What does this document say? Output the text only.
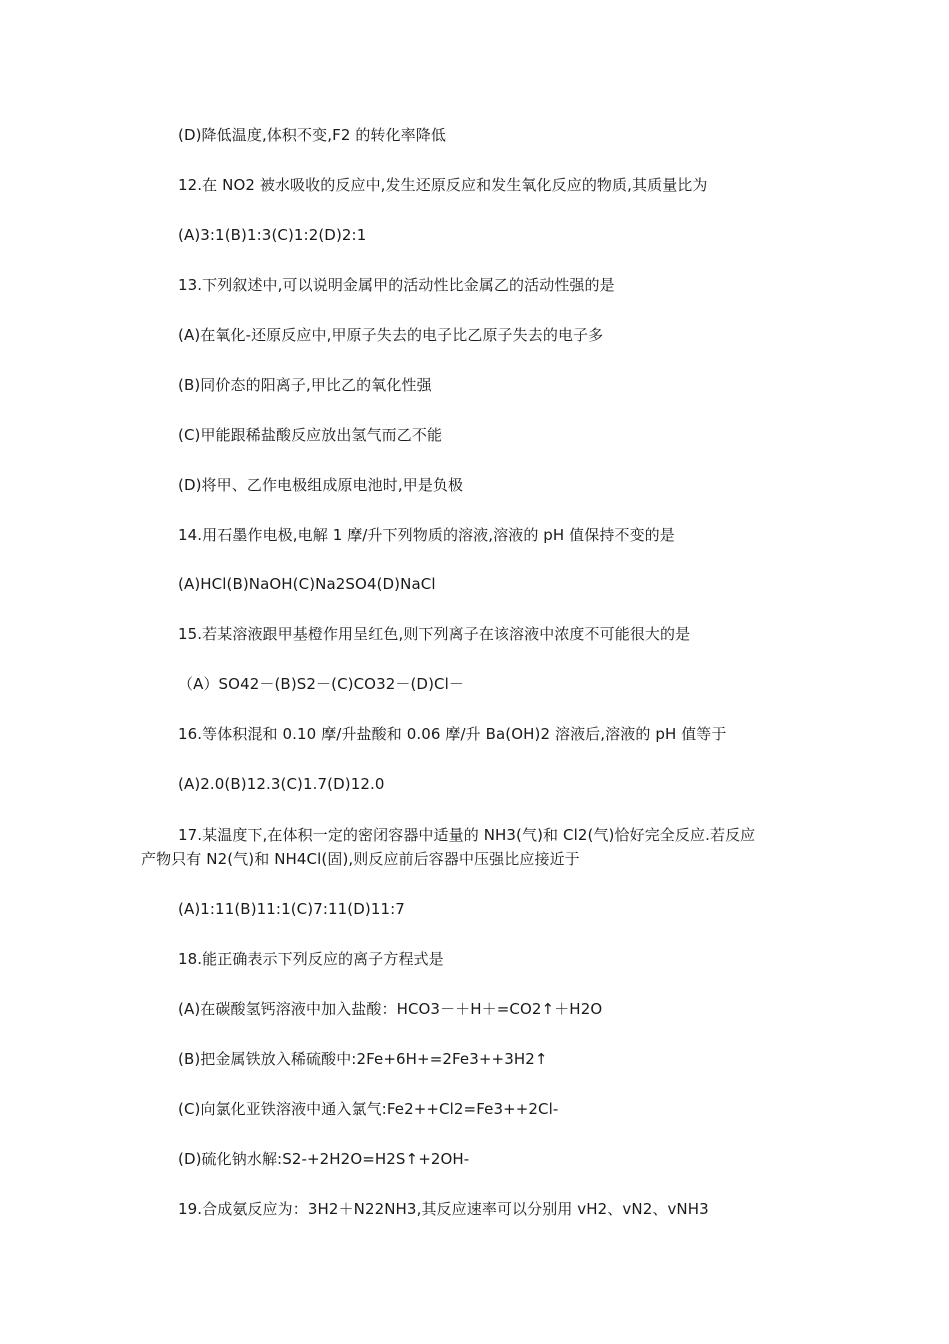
(D)降低温度,体积不变,F2 的转化率降低
12.在 NO2 被水吸收的反应中,发生还原反应和发生氧化反应的物质,其质量比为
(A)3:1(B)1:3(C)1:2(D)2:1
13.下列叙述中,可以说明金属甲的活动性比金属乙的活动性强的是
(A)在氧化-还原反应中,甲原子失去的电子比乙原子失去的电子多
(B)同价态的阳离子,甲比乙的氧化性强
(C)甲能跟稀盐酸反应放出氢气而乙不能
(D)将甲、乙作电极组成原电池时,甲是负极
14.用石墨作电极,电解 1 摩/升下列物质的溶液,溶液的 pH 值保持不变的是
(A)HCl(B)NaOH(C)Na2SO4(D)NaCl
15.若某溶液跟甲基橙作用呈红色,则下列离子在该溶液中浓度不可能很大的是
（A）SO42－(B)S2－(C)CO32－(D)Cl－
16.等体积混和 0.10 摩/升盐酸和 0.06 摩/升 Ba(OH)2 溶液后,溶液的 pH 值等于
(A)2.0(B)12.3(C)1.7(D)12.0
17.某温度下,在体积一定的密闭容器中适量的 NH3(气)和 Cl2(气)恰好完全反应.若反应
产物只有 N2(气)和 NH4Cl(固),则反应前后容器中压强比应接近于
(A)1:11(B)11:1(C)7:11(D)11:7
18.能正确表示下列反应的离子方程式是
(A)在碳酸氢钙溶液中加入盐酸：HCO3－＋H＋=CO2↑＋H2O
(B)把金属铁放入稀硫酸中:2Fe+6H+=2Fe3++3H2↑
(C)向氯化亚铁溶液中通入氯气:Fe2++Cl2=Fe3++2Cl-
(D)硫化钠水解:S2-+2H2O=H2S↑+2OH-
19.合成氨反应为：3H2＋N22NH3,其反应速率可以分别用 vH2、vN2、vNH3
